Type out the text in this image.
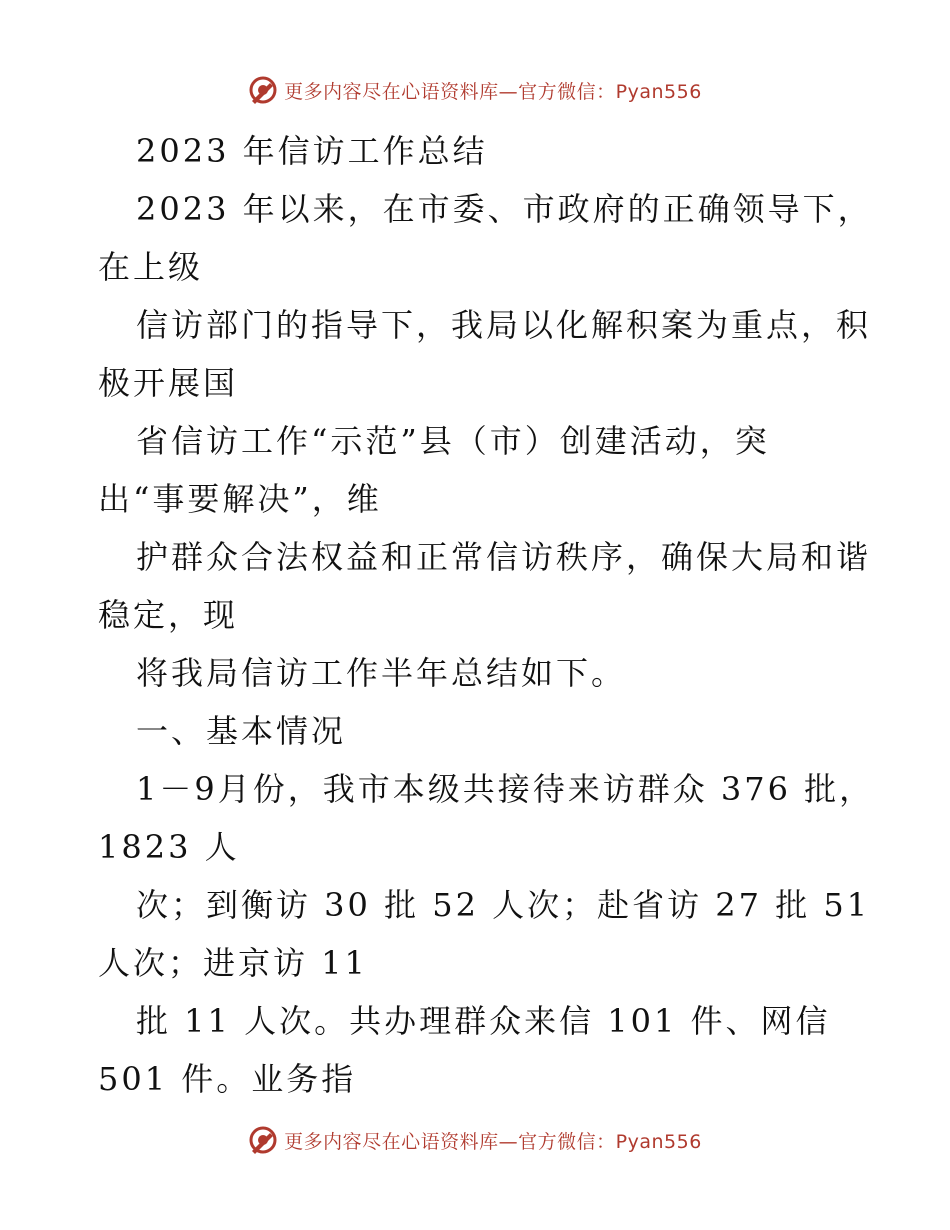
更多内容尽在心语资料库—官方微信：Pyan556
2023 年信访工作总结
2023 年以来，在市委、市政府的正确领导下，
在上级
信访部门的指导下，我局以化解积案为重点，积
极开展国
省信访工作“示范”县（市）创建活动，突
出“事要解决”，维
护群众合法权益和正常信访秩序，确保大局和谐
稳定，现
将我局信访工作半年总结如下。
一、基本情况
1－9月份，我市本级共接待来访群众 376 批，
1823 人
次；到衡访 30 批 52 人次；赴省访 27 批 51
人次；进京访 11
批 11 人次。共办理群众来信 101 件、网信
501 件。业务指
更多内容尽在心语资料库—官方微信：Pyan556
